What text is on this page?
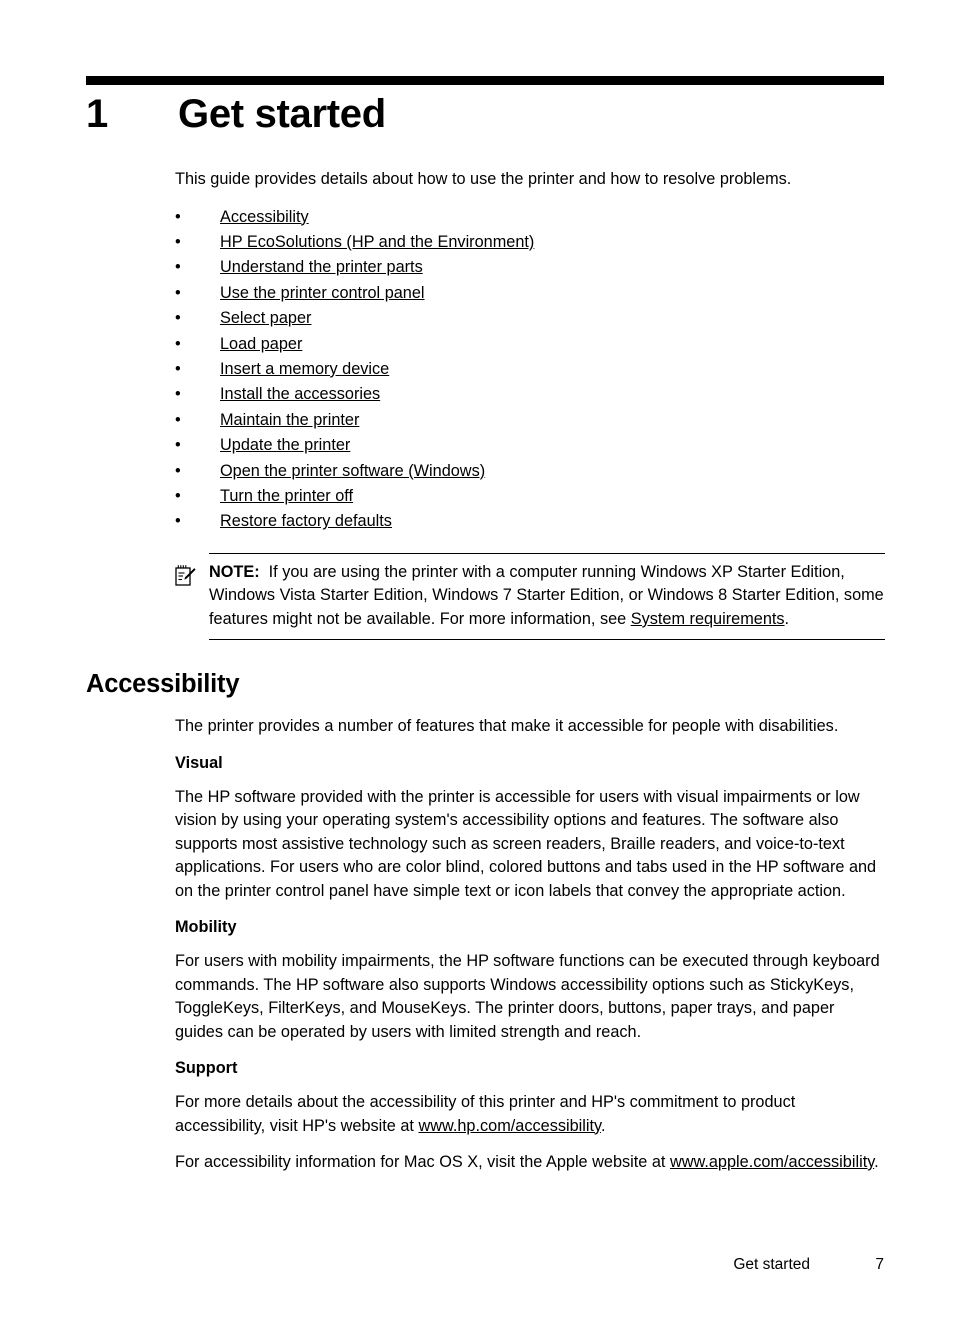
1 Get started

This guide provides details about how to use the printer and how to resolve problems.

• Accessibility
• HP EcoSolutions (HP and the Environment)
• Understand the printer parts
• Use the printer control panel
• Select paper
• Load paper
• Insert a memory device
• Install the accessories
• Maintain the printer
• Update the printer
• Open the printer software (Windows)
• Turn the printer off
• Restore factory defaults

NOTE: If you are using the printer with a computer running Windows XP Starter Edition, Windows Vista Starter Edition, Windows 7 Starter Edition, or Windows 8 Starter Edition, some features might not be available. For more information, see System requirements.

Accessibility

The printer provides a number of features that make it accessible for people with disabilities.

Visual

The HP software provided with the printer is accessible for users with visual impairments or low vision by using your operating system's accessibility options and features. The software also supports most assistive technology such as screen readers, Braille readers, and voice-to-text applications. For users who are color blind, colored buttons and tabs used in the HP software and on the printer control panel have simple text or icon labels that convey the appropriate action.

Mobility

For users with mobility impairments, the HP software functions can be executed through keyboard commands. The HP software also supports Windows accessibility options such as StickyKeys, ToggleKeys, FilterKeys, and MouseKeys. The printer doors, buttons, paper trays, and paper guides can be operated by users with limited strength and reach.

Support

For more details about the accessibility of this printer and HP's commitment to product accessibility, visit HP's website at www.hp.com/accessibility.

For accessibility information for Mac OS X, visit the Apple website at www.apple.com/accessibility.

Get started	7
